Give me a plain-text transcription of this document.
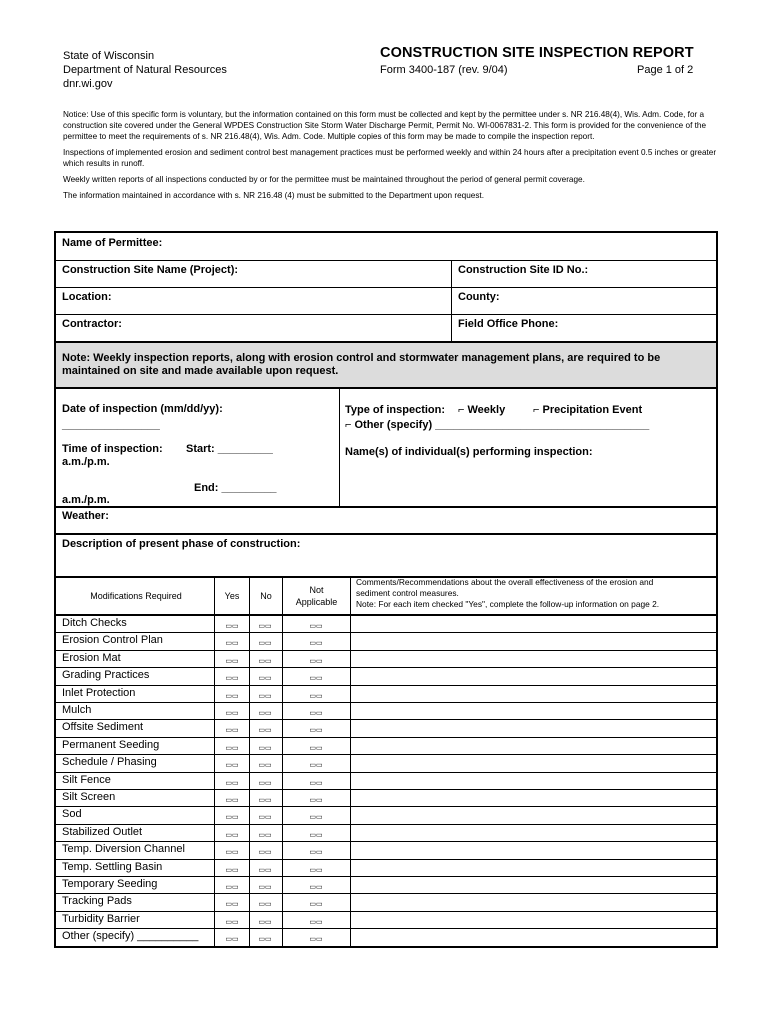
State of Wisconsin
Department of Natural Resources
dnr.wi.gov
CONSTRUCTION SITE INSPECTION REPORT
Form 3400-187 (rev. 9/04)	Page 1 of 2

Notice: Use of this specific form is voluntary, but the information contained on this form must be collected and kept by the permittee under s. NR 216.48(4), Wis. Adm. Code, for a construction site covered under the General WPDES Construction Site Storm Water Discharge Permit, Permit No. WI-0067831-2. This form is provided for the convenience of the permittee to meet the requirements of s. NR 216.48(4), Wis. Adm. Code. Multiple copies of this form may be made to compile the inspection report.

Inspections of implemented erosion and sediment control best management practices must be performed weekly and within 24 hours after a precipitation event 0.5 inches or greater which results in runoff.

Weekly written reports of all inspections conducted by or for the permittee must be maintained throughout the period of general permit coverage.

The information maintained in accordance with s. NR 216.48 (4) must be submitted to the Department upon request.

Name of Permittee:
Construction Site Name (Project):	Construction Site ID No.:
Location:	County:
Contractor:	Field Office Phone:
Note: Weekly inspection reports, along with erosion control and stormwater management plans, are required to be maintained on site and made available upon request.
Date of inspection (mm/dd/yy):
________________
Time of inspection: Start: _________
a.m./p.m.
End: _________
a.m./p.m.
Type of inspection: ⌐ Weekly	⌐ Precipitation Event
⌐ Other (specify) ___________________________________
Name(s) of individual(s) performing inspection:
Weather:
Description of present phase of construction:
Modifications Required	Yes	No
Not
Applicable
Comments/Recommendations about the overall effectiveness of the erosion and
sediment control measures.
Note: For each item checked "Yes", complete the follow-up information on page 2.
Ditch Checks	▭▭	▭▭	▭▭
Erosion Control Plan	▭▭	▭▭	▭▭
Erosion Mat	▭▭	▭▭	▭▭
Grading Practices	▭▭	▭▭	▭▭
Inlet Protection	▭▭	▭▭	▭▭
Mulch	▭▭	▭▭	▭▭
Offsite Sediment	▭▭	▭▭	▭▭
Permanent Seeding	▭▭	▭▭	▭▭
Schedule / Phasing	▭▭	▭▭	▭▭
Silt Fence	▭▭	▭▭	▭▭
Silt Screen	▭▭	▭▭	▭▭
Sod	▭▭	▭▭	▭▭
Stabilized Outlet	▭▭	▭▭	▭▭
Temp. Diversion Channel	▭▭	▭▭	▭▭
Temp. Settling Basin	▭▭	▭▭	▭▭
Temporary Seeding	▭▭	▭▭	▭▭
Tracking Pads	▭▭	▭▭	▭▭
Turbidity Barrier	▭▭	▭▭	▭▭
Other (specify) __________	▭▭	▭▭	▭▭
